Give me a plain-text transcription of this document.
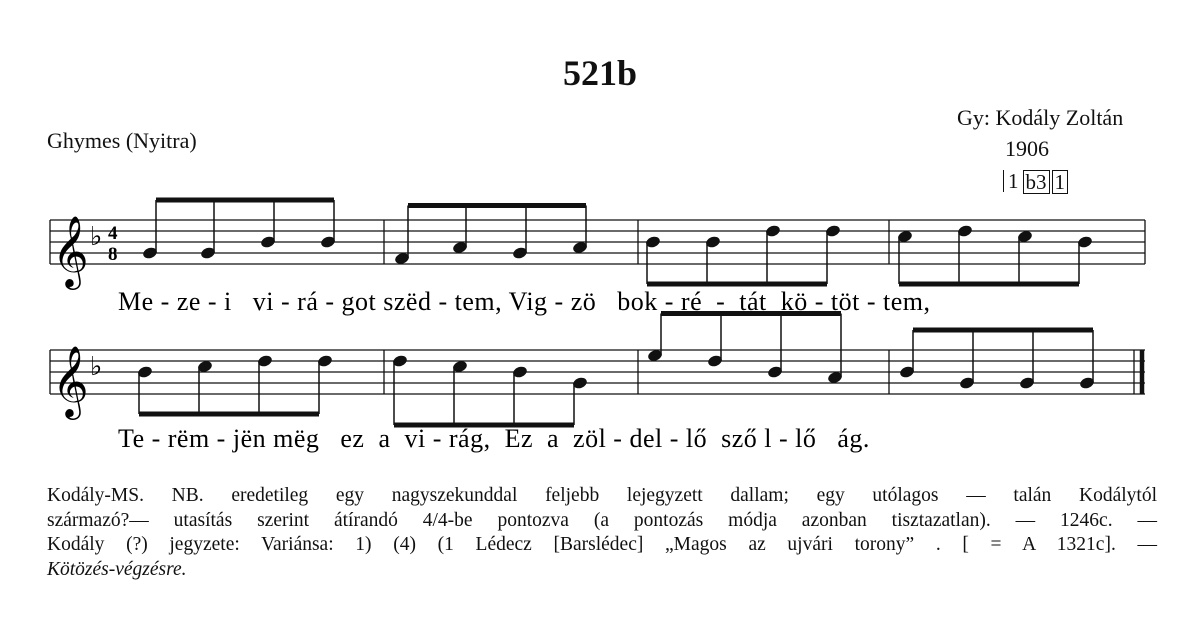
521b
Ghymes (Nyitra)
Gy: Kodály Zoltán
1906
1 b3 1
𝄞
𝄞
♭
♭
4
8
Me - ze - i   vi - rá - got szëd - tem, Vig - zö   bok - ré  -  tát  kö - töt - tem,
Te - rëm - jën mëg   ez  a  vi - rág,  Ez  a  zöl - del - lő  sző l - lő   ág.

Kodály-MS. NB. eredetileg egy nagyszekunddal feljebb lejegyzett dallam; egy utólagos — talán Kodálytól

származó?— utasítás szerint átírandó 4/4-be pontozva (a pontozás módja azonban tisztazatlan). — 1246c. —

Kodály (?) jegyzete: Variánsa: 1) (4) (1 Lédecz [Barslédec] „Magos az ujvári torony” . [ = A 1321c]. —

Kötözés-végzésre.
